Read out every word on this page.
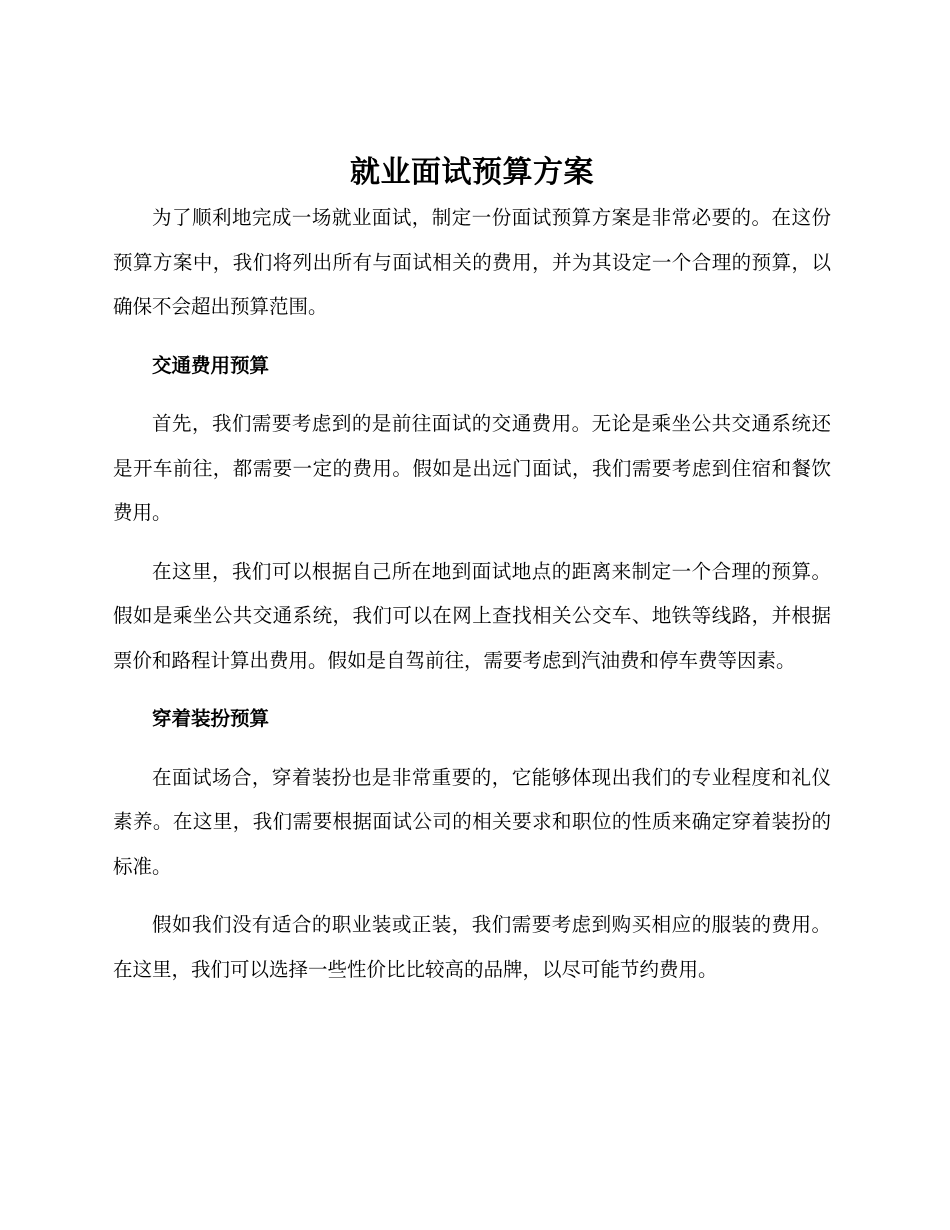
就业面试预算方案

为了顺利地完成一场就业面试，制定一份面试预算方案是非常必要的。在这份预算方案中，我们将列出所有与面试相关的费用，并为其设定一个合理的预算，以确保不会超出预算范围。

交通费用预算

首先，我们需要考虑到的是前往面试的交通费用。无论是乘坐公共交通系统还是开车前往，都需要一定的费用。假如是出远门面试，我们需要考虑到住宿和餐饮费用。

在这里，我们可以根据自己所在地到面试地点的距离来制定一个合理的预算。假如是乘坐公共交通系统，我们可以在网上查找相关公交车、地铁等线路，并根据票价和路程计算出费用。假如是自驾前往，需要考虑到汽油费和停车费等因素。

穿着装扮预算

在面试场合，穿着装扮也是非常重要的，它能够体现出我们的专业程度和礼仪素养。在这里，我们需要根据面试公司的相关要求和职位的性质来确定穿着装扮的标准。

假如我们没有适合的职业装或正装，我们需要考虑到购买相应的服装的费用。在这里，我们可以选择一些性价比比较高的品牌，以尽可能节约费用。
